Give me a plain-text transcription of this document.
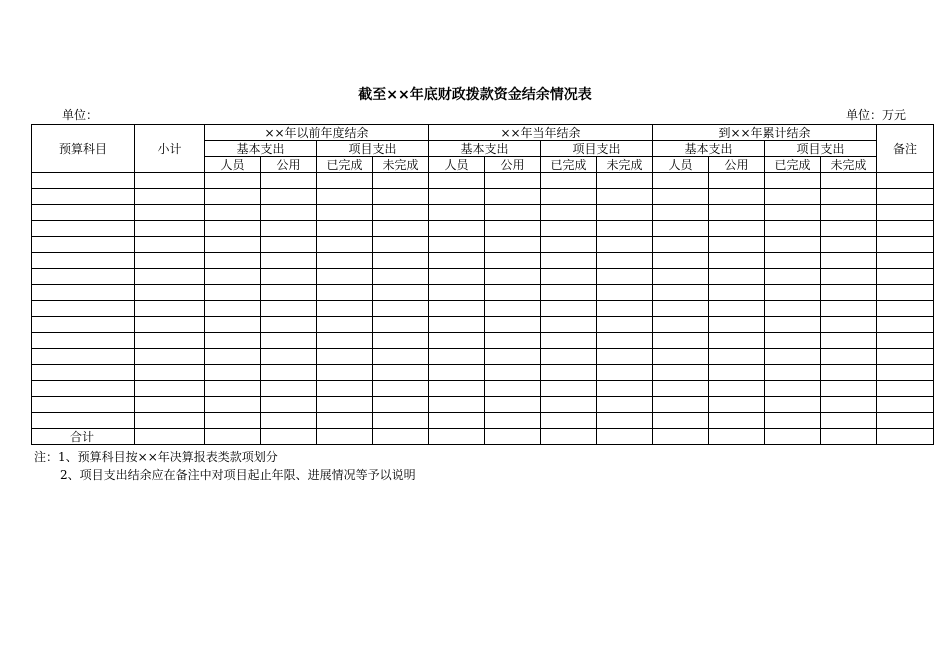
截至××年底财政拨款资金结余情况表
单位：	单位：万元
预算科目	小计	××年以前年度结余				××年当年结余				到××年累计结余				备注
		基本支出		项目支出		基本支出		项目支出		基本支出		项目支出		
		人员	公用	已完成	未完成	人员	公用	已完成	未完成	人员	公用	已完成	未完成	

合计														
注：1、预算科目按××年决算报表类款项划分
2、项目支出结余应在备注中对项目起止年限、进展情况等予以说明
